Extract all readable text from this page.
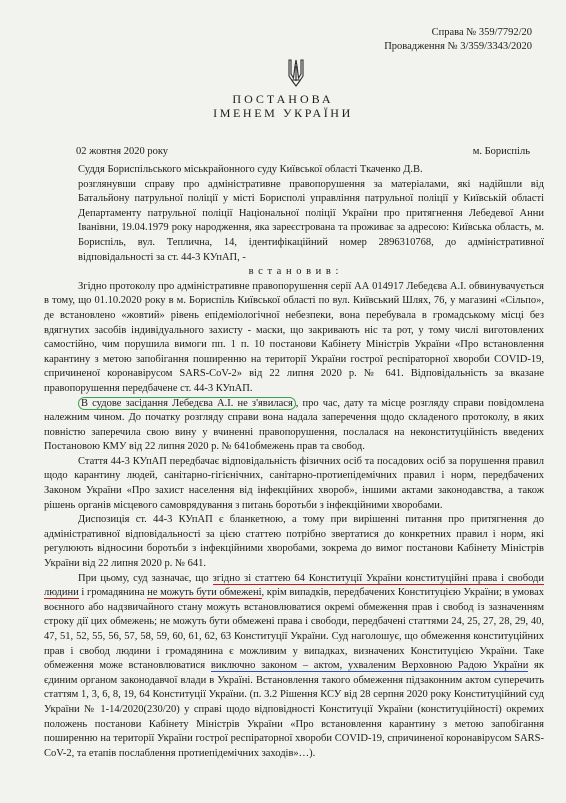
Справа № 359/7792/20
Провадження № 3/359/3343/2020
ПОСТАНОВА
ІМЕНЕМ УКРАЇНИ
02 жовтня 2020 року	м. Бориспіль

Суддя Бориспільського міськрайонного суду Київської області Ткаченко Д.В.

розглянувши справу про адміністративне правопорушення за матеріалами, які надійшли від Батальйону патрульної поліції у місті Борисполі управління патрульної поліції у Київській області Департаменту патрульної поліції Національної поліції України про притягнення Лебедевої Анни Іванівни, 19.04.1979 року народження, яка зареєстрована та проживає за адресою: Київська область, м. Бориспіль, вул. Теплична, 14, ідентифікаційний номер 2896310768, до адміністративної відповідальності за ст. 44-3 КУпАП, -

в с т а н о в и в :

Згідно протоколу про адміністративне правопорушення серії АА 014917 Лебедєва А.І. обвинувачується в тому, що 01.10.2020 року в м. Бориспіль Київської області по вул. Київський Шлях, 76, у магазині «Сільпо», де встановлено «жовтий» рівень епідеміологічної небезпеки, вона перебувала в громадському місці без вдягнутих засобів індивідуального захисту - маски, що закривають ніс та рот, у тому числі виготовлених самостійно, чим порушила вимоги пп. 1 п. 10 постанови Кабінету Міністрів України «Про встановлення карантину з метою запобігання поширенню на території України гострої респіраторної хвороби COVID-19, спричиненої коронавірусом SARS-CoV-2» від 22 липня 2020 р. № 641. Відповідальність за вказане правопорушення передбачене ст. 44-3 КУпАП.

В судове засідання Лебедєва А.І. не з'явилася , про час, дату та місце розгляду справи повідомлена належним чином. До початку розгляду справи вона надала заперечення щодо складеного протоколу, в яких повністю заперечила свою вину у вчиненні правопорушення, послалася на неконституційність введених Постановою КМУ від 22 липня 2020 р. № 641обмежень прав та свобод.

Стаття 44-3 КУпАП передбачає відповідальність фізичних осіб та посадових осіб за порушення правил щодо карантину людей, санітарно-гігієнічних, санітарно-протиепідемічних правил і норм, передбачених Законом України «Про захист населення від інфекційних хвороб», іншими актами законодавства, а також рішень органів місцевого самоврядування з питань боротьби з інфекційними хворобами.

Диспозиція ст. 44-3 КУпАП є бланкетною, а тому при вирішенні питання про притягнення до адміністративної відповідальності за цією статтею потрібно звертатися до конкретних правил і норм, які регулюють відносини боротьби з інфекційними хворобами, зокрема до вимог постанови Кабінету Міністрів України від 22 липня 2020 р. № 641.

При цьому, суд зазначає, що згідно зі статтею 64 Конституції України конституційні права і свободи людини і громадянина не можуть бути обмежені, крім випадків, передбачених Конституцією України; в умовах воєнного або надзвичайного стану можуть встановлюватися окремі обмеження прав і свобод із зазначенням строку дії цих обмежень; не можуть бути обмежені права і свободи, передбачені статтями 24, 25, 27, 28, 29, 40, 47, 51, 52, 55, 56, 57, 58, 59, 60, 61, 62, 63 Конституції України. Суд наголошує, що обмеження конституційних прав і свобод людини і громадянина є можливим у випадках, визначених Конституцією України. Таке обмеження може встановлюватися виключно законом – актом, ухваленим Верховною Радою України як єдиним органом законодавчої влади в Україні. Встановлення такого обмеження підзаконним актом суперечить статтям 1, 3, 6, 8, 19, 64 Конституції України. (п. 3.2 Рішення КСУ від 28 серпня 2020 року Конституційний суд України № 1-14/2020(230/20) у справі щодо відповідності Конституції України (конституційності) окремих положень постанови Кабінету Міністрів України «Про встановлення карантину з метою запобігання поширенню на території України гострої респіраторної хвороби COVID-19, спричиненої коронавірусом SARS-CoV-2, та етапів послаблення протиепідемічних заходів»…).
